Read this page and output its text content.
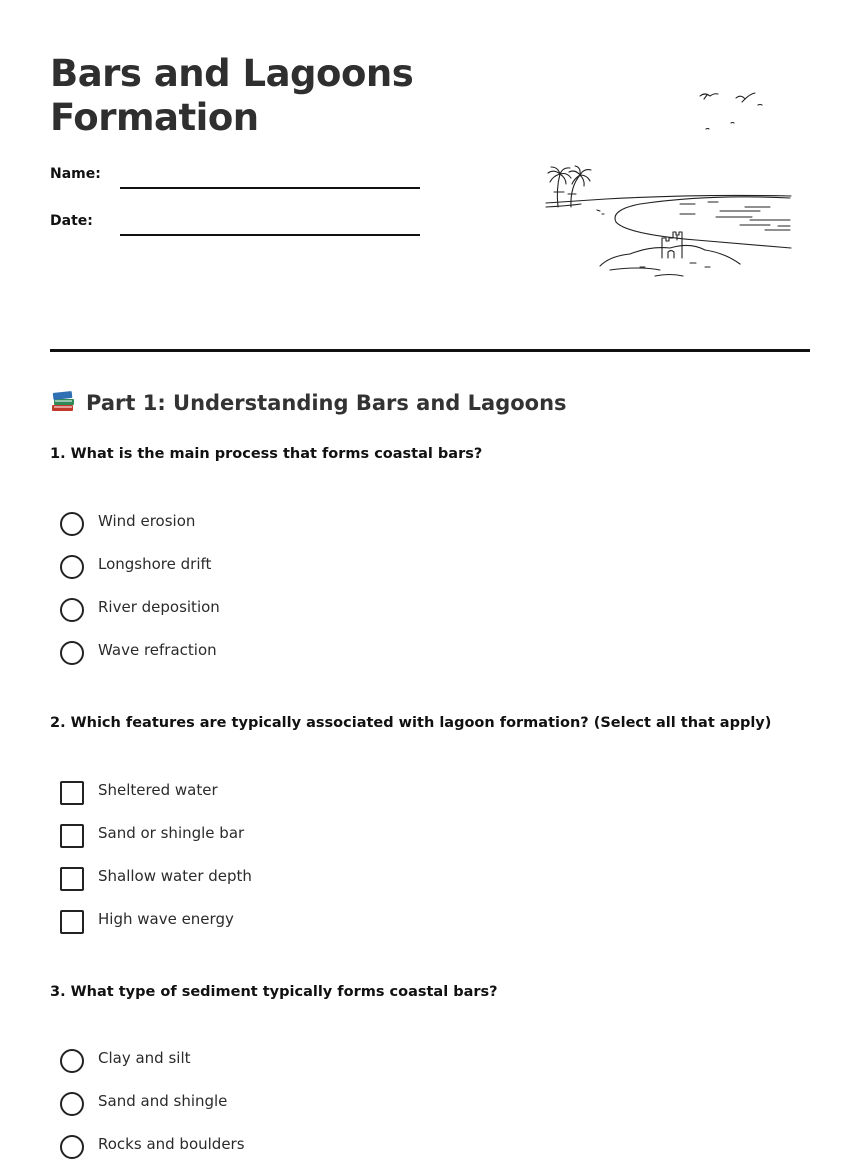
Bars and Lagoons
Formation
Name:
Date:
Part 1: Understanding Bars and Lagoons

1. What is the main process that forms coastal bars?

Wind erosion
Longshore drift
River deposition
Wave refraction

2. Which features are typically associated with lagoon formation? (Select all that apply)

Sheltered water
Sand or shingle bar
Shallow water depth
High wave energy

3. What type of sediment typically forms coastal bars?

Clay and silt
Sand and shingle
Rocks and boulders
